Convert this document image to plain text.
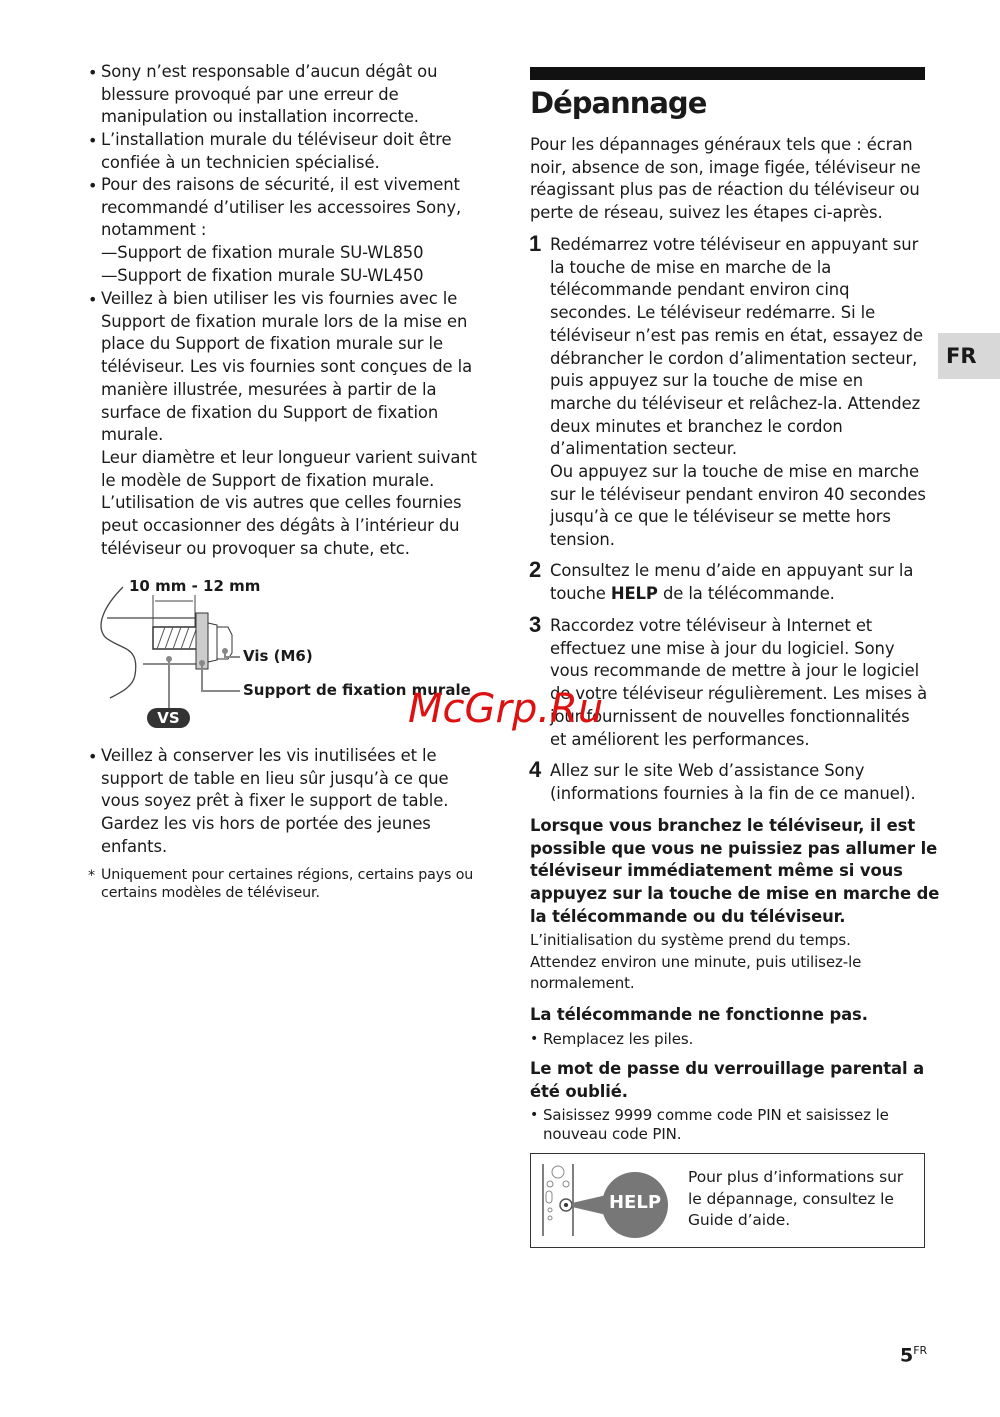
• Sony n’est responsable d’aucun dégât ou
blessure provoqué par une erreur de
manipulation ou installation incorrecte.
• L’installation murale du téléviseur doit être
confiée à un technicien spécialisé.
• Pour des raisons de sécurité, il est vivement
recommandé d’utiliser les accessoires Sony,
notamment :
—Support de fixation murale SU-WL850
—Support de fixation murale SU-WL450
• Veillez à bien utiliser les vis fournies avec le
Support de fixation murale lors de la mise en
place du Support de fixation murale sur le
téléviseur. Les vis fournies sont conçues de la
manière illustrée, mesurées à partir de la
surface de fixation du Support de fixation
murale.
Leur diamètre et leur longueur varient suivant
le modèle de Support de fixation murale.
L’utilisation de vis autres que celles fournies
peut occasionner des dégâts à l’intérieur du
téléviseur ou provoquer sa chute, etc.
10 mm - 12 mm
Vis (M6)
Support de fixation murale
VS
• Veillez à conserver les vis inutilisées et le
support de table en lieu sûr jusqu’à ce que
vous soyez prêt à fixer le support de table.
Gardez les vis hors de portée des jeunes
enfants.
* Uniquement pour certaines régions, certains pays ou
certains modèles de téléviseur.
Dépannage
Pour les dépannages généraux tels que : écran
noir, absence de son, image figée, téléviseur ne
réagissant plus pas de réaction du téléviseur ou
perte de réseau, suivez les étapes ci-après.
1 Redémarrez votre téléviseur en appuyant sur
la touche de mise en marche de la
télécommande pendant environ cinq
secondes. Le téléviseur redémarre. Si le
téléviseur n’est pas remis en état, essayez de
débrancher le cordon d’alimentation secteur,
puis appuyez sur la touche de mise en
marche du téléviseur et relâchez-la. Attendez
deux minutes et branchez le cordon
d’alimentation secteur.
Ou appuyez sur la touche de mise en marche
sur le téléviseur pendant environ 40 secondes
jusqu’à ce que le téléviseur se mette hors
tension.
2 Consultez le menu d’aide en appuyant sur la
touche HELP de la télécommande.
3 Raccordez votre téléviseur à Internet et
effectuez une mise à jour du logiciel. Sony
vous recommande de mettre à jour le logiciel
de votre téléviseur régulièrement. Les mises à
jour fournissent de nouvelles fonctionnalités
et améliorent les performances.
4 Allez sur le site Web d’assistance Sony
(informations fournies à la fin de ce manuel).
Lorsque vous branchez le téléviseur, il est
possible que vous ne puissiez pas allumer le
téléviseur immédiatement même si vous
appuyez sur la touche de mise en marche de
la télécommande ou du téléviseur.
L’initialisation du système prend du temps.
Attendez environ une minute, puis utilisez-le
normalement.
La télécommande ne fonctionne pas.
• Remplacez les piles.
Le mot de passe du verrouillage parental a
été oublié.
• Saisissez 9999 comme code PIN et saisissez le
nouveau code PIN.
HELP
Pour plus d’informations sur
le dépannage, consultez le
Guide d’aide.
FR
McGrp.Ru
$5^{FR}$
